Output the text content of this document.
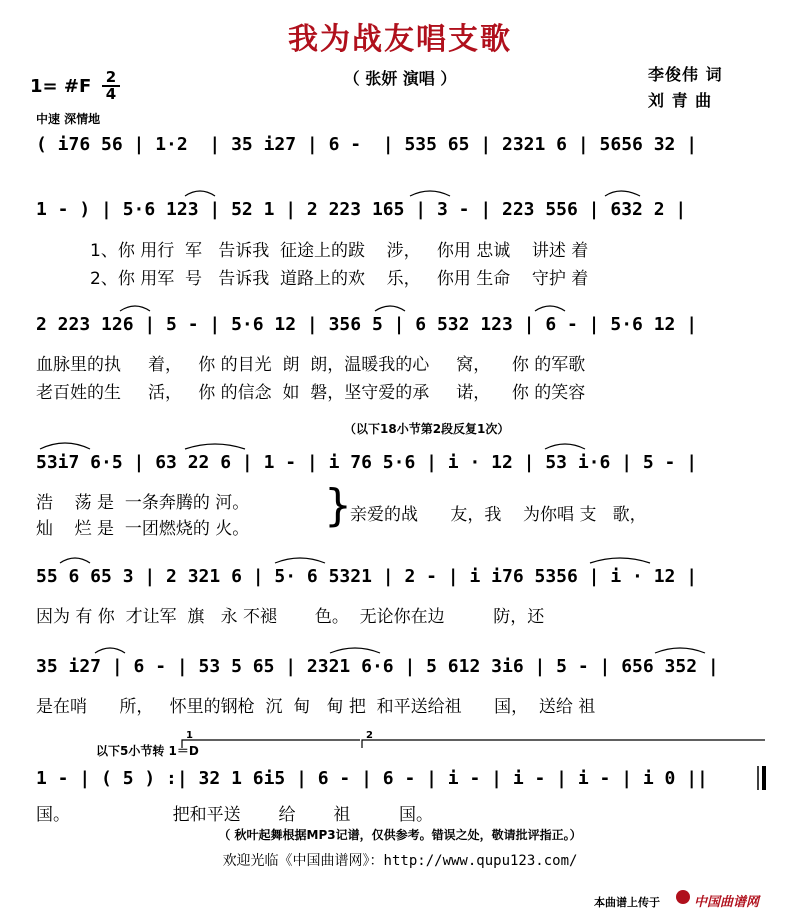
我为战友唱支歌
（ 张妍 演唱 ）	李俊伟 词
刘 青 曲
1= #F 2
4
中速 深情地
( i76 56 | 1·2  | 35 i27 | 6 -  | 535 65 | 2321 6 | 5656 32 |
1 - ) | 5·6 123 | 52 1 | 2 223 165 | 3 - | 223 556 | 632 2 |
1、你 用行  军   告诉我  征途上的跋    涉，   你用 忠诚    讲述 着
2、你 用军  号   告诉我  道路上的欢    乐，   你用 生命    守护 着
2 223 126 | 5 - | 5·6 12 | 356 5 | 6 532 123 | 6 - | 5·6 12 |
血脉里的执     着，   你 的目光  朗  朗，温暖我的心     窝，    你 的军歌
老百姓的生     活，   你 的信念  如  磐，坚守爱的承     诺，    你 的笑容
（以下18小节第2段反复1次）
53i7 6·5 | 63 22 6 | 1 - | i 76 5·6 | i · 12 | 53 i·6 | 5 - |
浩    荡 是  一条奔腾的 河。
灿    烂 是  一团燃烧的 火。 }
亲爱的战      友，我    为你唱 支   歌，
55 6 65 3 | 2 321 6 | 5· 6 5321 | 2 - | i i76 5356 | i · 12 |
因为 有 你  才让军  旗   永 不褪       色。  无论你在边         防，还
35 i27 | 6 - | 53 5 65 | 2321 6·6 | 5 612 3i6 | 5 - | 656 352 |
是在哨      所，   怀里的钢枪  沉  甸   甸 把  和平送给祖      国，  送给 祖
以下5小节转 1＝D
1	2
1 - | ( 5 ) :| 32 1 6i5 | 6 - | 6 - | i - | i - | i - | i 0 ||
国。                   把和平送       给       祖         国。
（ 秋叶起舞根据MP3记谱，仅供参考。错误之处，敬请批评指正。）
欢迎光临《中国曲谱网》：http://www.qupu123.com/
本曲谱上传于	中国曲谱网
